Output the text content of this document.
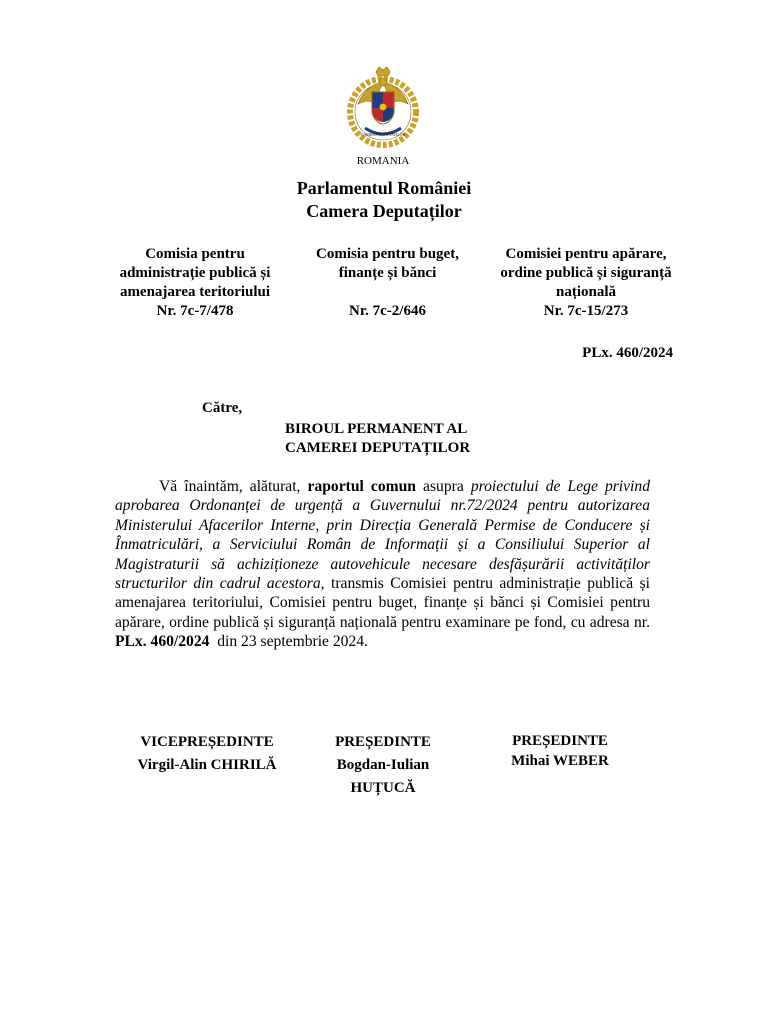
CAMERA DEPUTATILOR
ROMANIA
Parlamentul României
Camera Deputaților
Comisia pentru
administrație publică și
amenajarea teritoriului
Nr. 7c-7/478
Comisia pentru buget,
finanțe și bănci
Nr. 7c-2/646
Comisiei pentru apărare,
ordine publică și siguranță
națională
Nr. 7c-15/273
PLx. 460/2024
Către,
BIROUL PERMANENT AL
CAMEREI DEPUTAȚILOR
Vă înaintăm, alăturat, raportul comun asupra proiectului de Lege privind aprobarea Ordonanței de urgență a Guvernului nr.72/2024 pentru autorizarea Ministerului Afacerilor Interne, prin Direcția Generală Permise de Conducere și Înmatriculări, a Serviciului Român de Informații și a Consiliului Superior al Magistraturii să achiziționeze autovehicule necesare desfășurării activităților structurilor din cadrul acestora, transmis Comisiei pentru administrație publică și amenajarea teritoriului, Comisiei pentru buget, finanțe și bănci și Comisiei pentru apărare, ordine publică și siguranță națională pentru examinare pe fond, cu adresa nr. PLx. 460/2024  din 23 septembrie 2024.
VICEPREȘEDINTE
Virgil-Alin CHIRILĂ
PREȘEDINTE
Bogdan-Iulian
HUȚUCĂ
PREȘEDINTE
Mihai WEBER
